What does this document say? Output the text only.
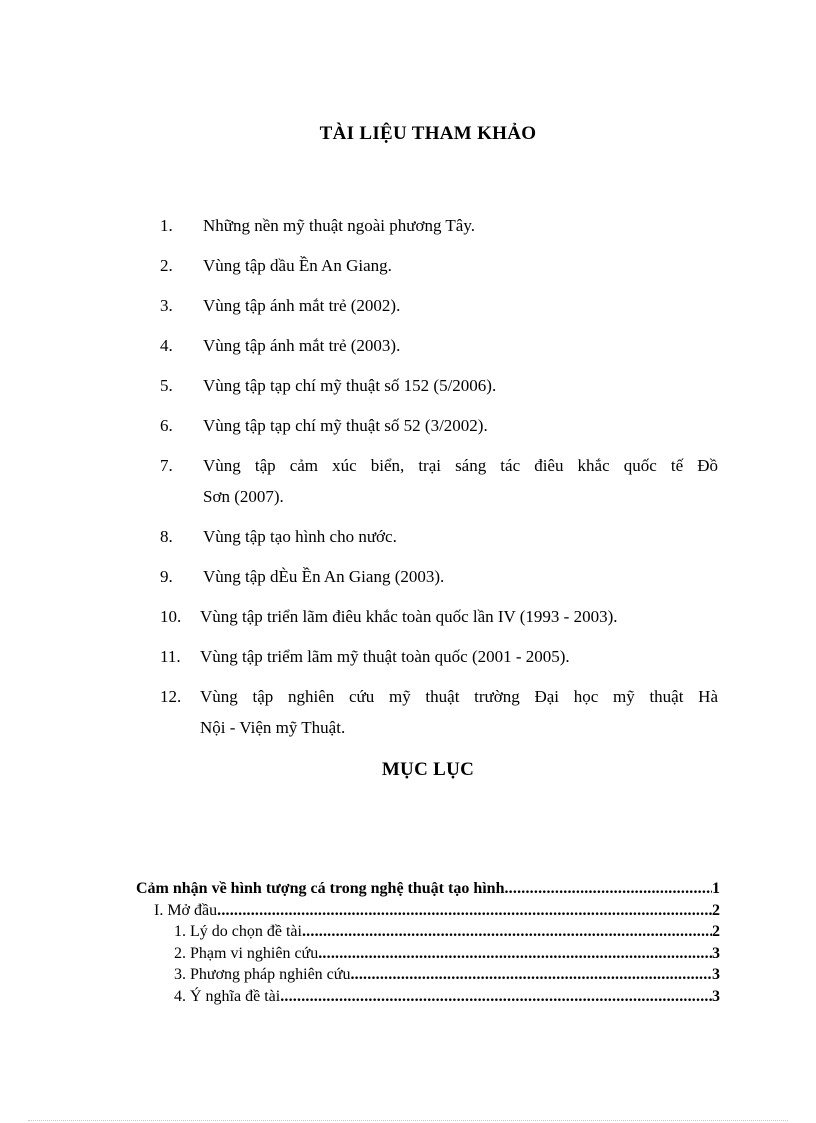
TÀI LIỆU THAM KHẢO
1.	Những nền mỹ thuật ngoài phương Tây.
2.	Vùng tập dầu Ền An Giang.
3.	Vùng tập ánh mắt trẻ (2002).
4.	Vùng tập ánh mắt trẻ (2003).
5.	Vùng tập tạp chí mỹ thuật số 152 (5/2006).
6.	Vùng tập tạp chí mỹ thuật số 52 (3/2002).
7.	Vùng tập cảm xúc biển, trại sáng tác điêu khắc quốc tế Đồ
Sơn (2007).
8.	Vùng tập tạo hình cho nước.
9.	Vùng tập dÈu Ền An Giang (2003).
10.	Vùng tập triển lãm điêu khắc toàn quốc lần IV (1993 - 2003).
11.	Vùng tập triểm lãm mỹ thuật toàn quốc (2001 - 2005).
12.	Vùng tập nghiên cứu mỹ thuật trường Đại học mỹ thuật Hà
Nội - Viện mỹ Thuật.
MỤC LỤC
Cảm nhận về hình tượng cá trong nghệ thuật tạo hình .....	1
I. Mở đầu .....	2
1. Lý do chọn đề tài .....	2
2. Phạm vi nghiên cứu .....	3
3. Phương pháp nghiên cứu .....	3
4. Ý nghĩa đề tài .....	3
